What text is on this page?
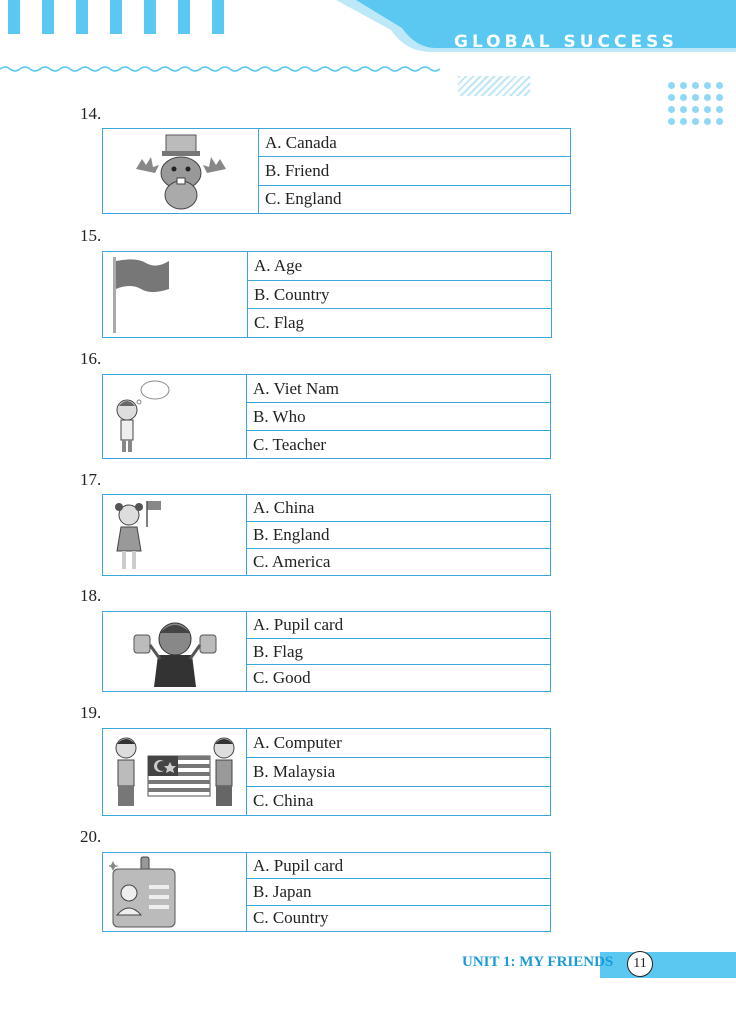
GLOBAL SUCCESS
14.
A. Canada
B. Friend
C. England
15.
A. Age
B. Country
C. Flag
16.
A. Viet Nam
B. Who
C. Teacher
17.
A. China
B. England
C. America
18.
A. Pupil card
B. Flag
C. Good
19.
A. Computer
B. Malaysia
C. China
20.
A. Pupil card
B. Japan
C. Country
UNIT 1: MY FRIENDS	11
